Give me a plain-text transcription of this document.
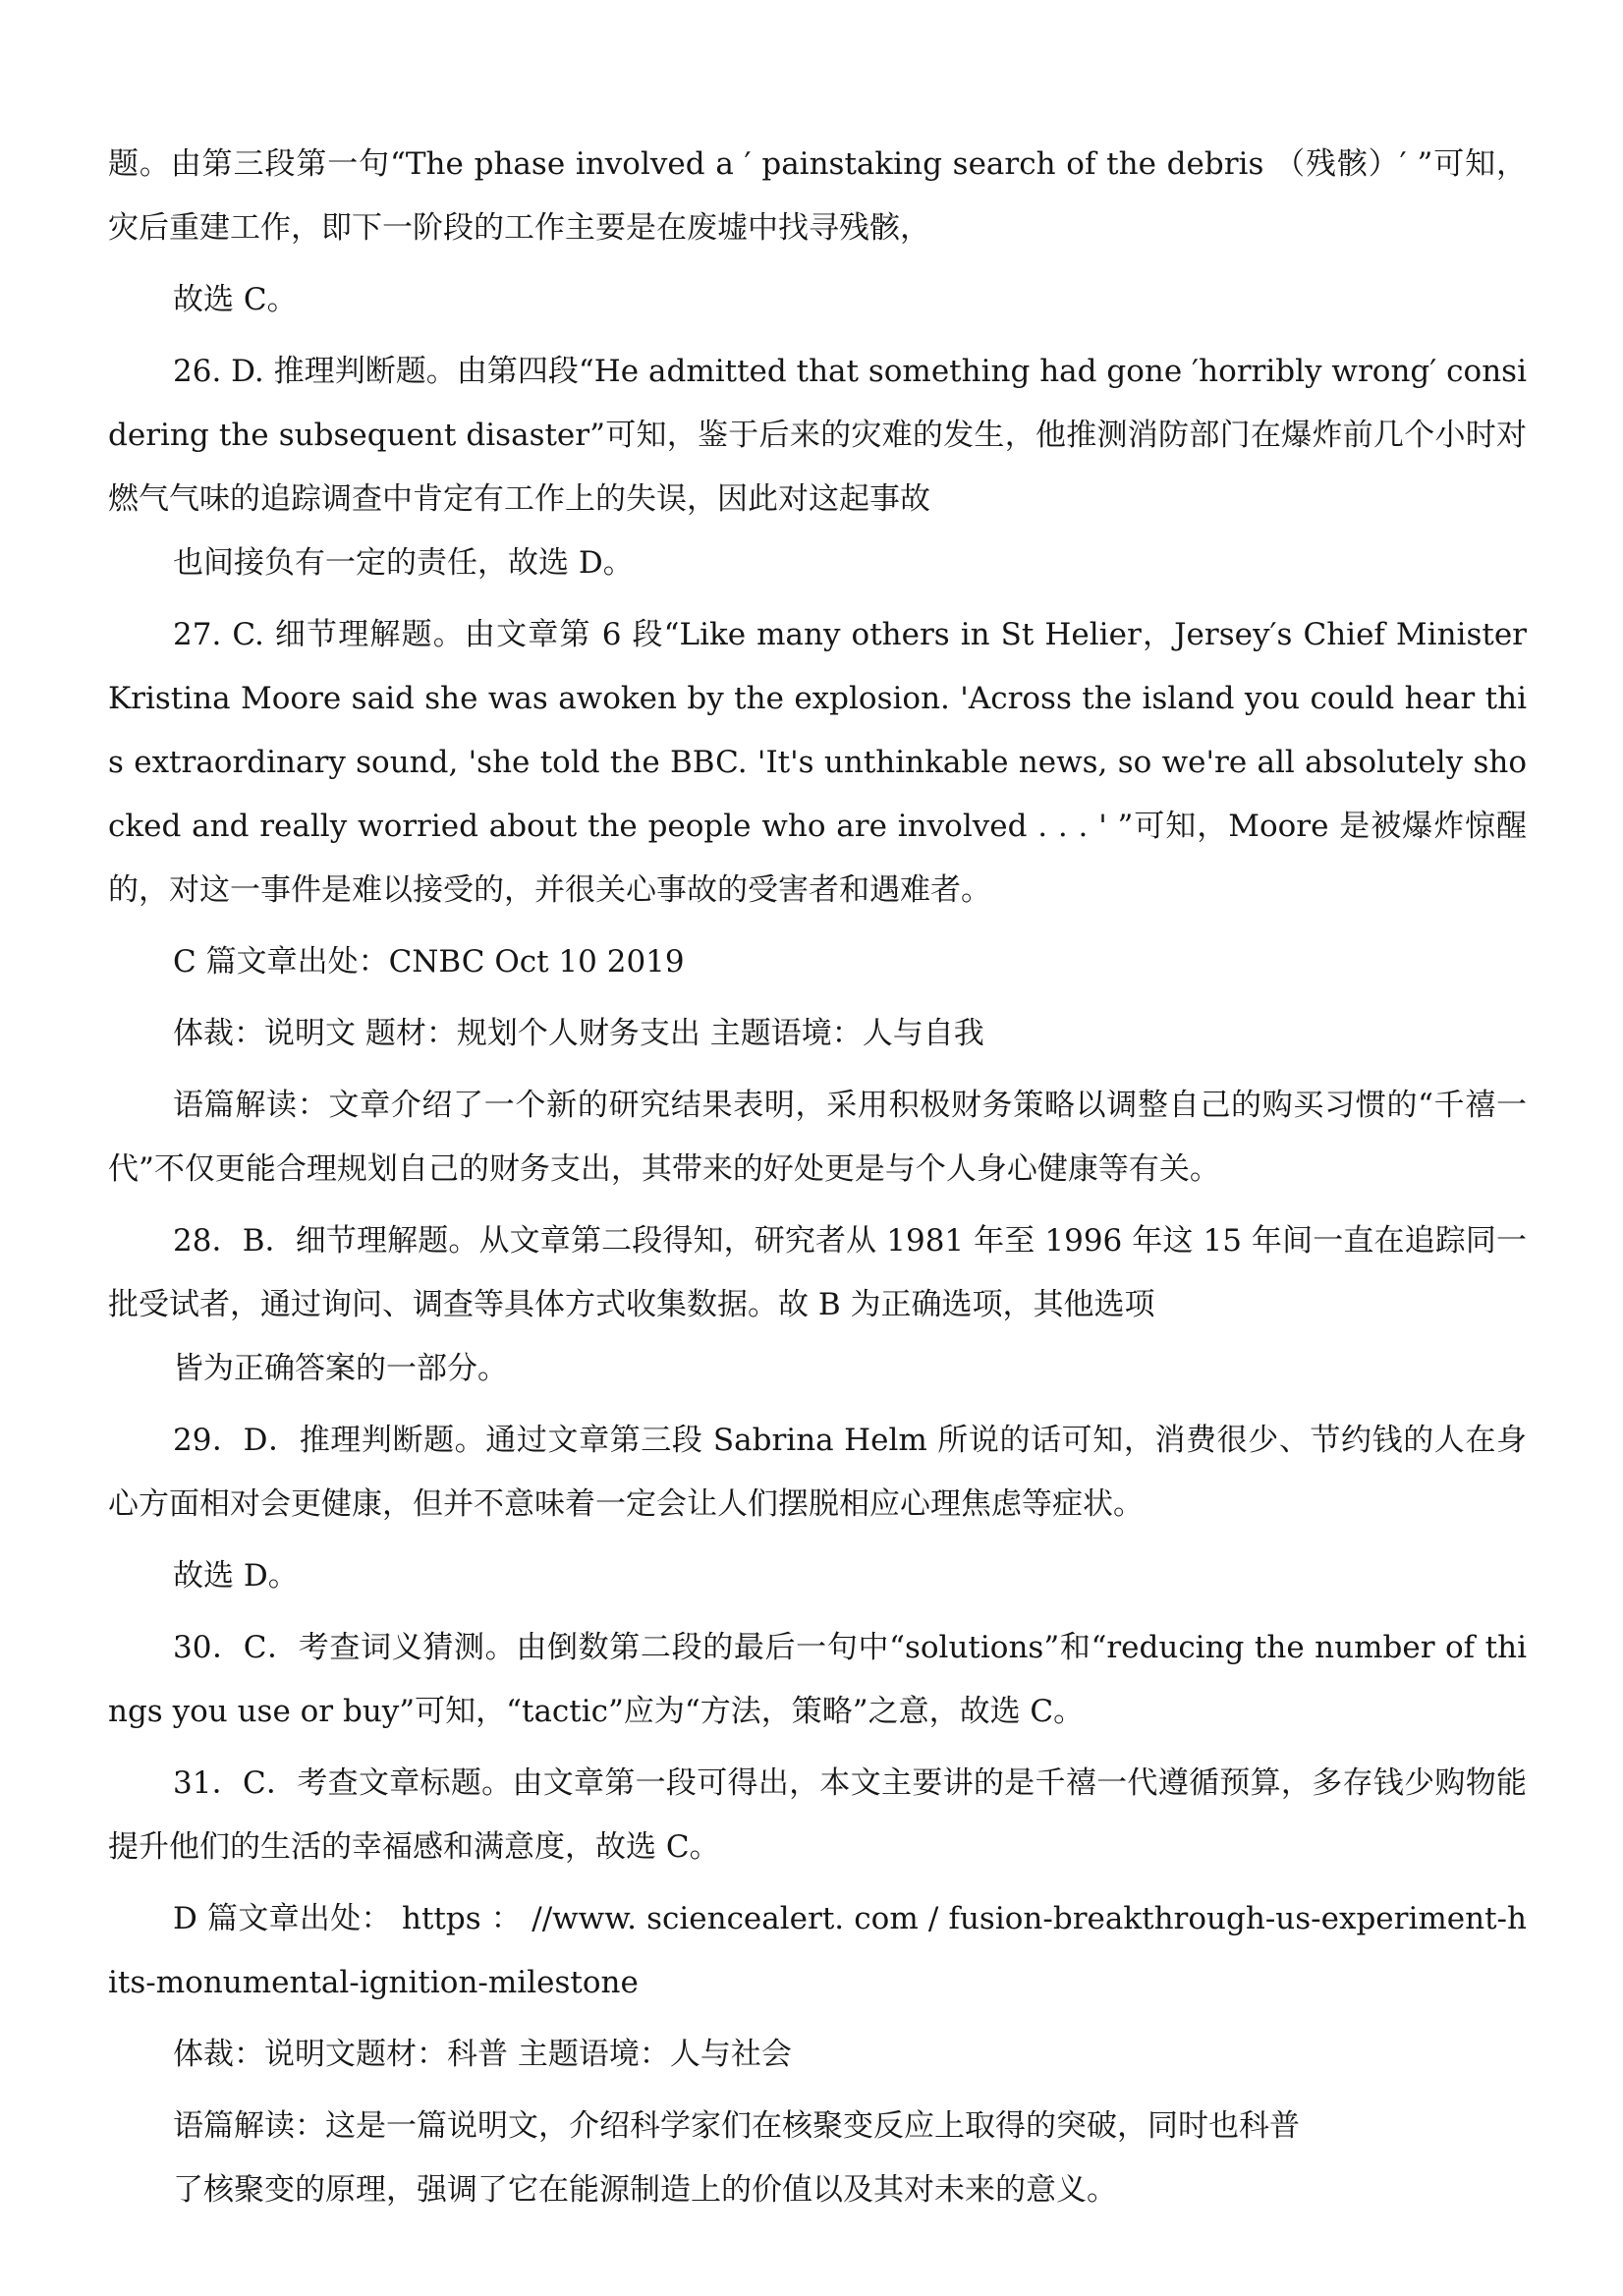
题。由第三段第一句“The phase involved a ′ painstaking search of the debris （残骸）′ ”可知，灾后重建工作，即下一阶段的工作主要是在废墟中找寻残骸，

故选 C。

26. D. 推理判断题。由第四段“He admitted that something had gone ′horribly wrong′ considering the subsequent disaster”可知，鉴于后来的灾难的发生，他推测消防部门在爆炸前几个小时对燃气气味的追踪调查中肯定有工作上的失误，因此对这起事故

也间接负有一定的责任，故选 D。

27. C. 细节理解题。由文章第 6 段“Like many others in St Helier，Jersey′s Chief Minister Kristina Moore said she was awoken by the explosion. 'Across the island you could hear this extraordinary sound, 'she told the BBC. 'It's unthinkable news, so we're all absolutely shocked and really worried about the people who are involved . . . ' ”可知，Moore 是被爆炸惊醒的，对这一事件是难以接受的，并很关心事故的受害者和遇难者。

C 篇文章出处：CNBC Oct 10 2019

体裁：说明文 题材：规划个人财务支出 主题语境：人与自我

语篇解读：文章介绍了一个新的研究结果表明，采用积极财务策略以调整自己的购买习惯的“千禧一代”不仅更能合理规划自己的财务支出，其带来的好处更是与个人身心健康等有关。

28．B．细节理解题。从文章第二段得知，研究者从 1981 年至 1996 年这 15 年间一直在追踪同一批受试者，通过询问、调查等具体方式收集数据。故 B 为正确选项，其他选项

皆为正确答案的一部分。

29．D．推理判断题。通过文章第三段 Sabrina Helm 所说的话可知，消费很少、节约钱的人在身心方面相对会更健康，但并不意味着一定会让人们摆脱相应心理焦虑等症状。

故选 D。

30．C．考查词义猜测。由倒数第二段的最后一句中“solutions”和“reducing the number of things you use or buy”可知，“tactic”应为“方法，策略”之意，故选 C。

31．C．考查文章标题。由文章第一段可得出，本文主要讲的是千禧一代遵循预算，多存钱少购物能提升他们的生活的幸福感和满意度，故选 C。

D 篇文章出处： https ： //www. sciencealert. com / fusion-breakthrough-us-experiment-hits-monumental-ignition-milestone

体裁：说明文题材：科普 主题语境：人与社会

语篇解读：这是一篇说明文，介绍科学家们在核聚变反应上取得的突破，同时也科普

了核聚变的原理，强调了它在能源制造上的价值以及其对未来的意义。
